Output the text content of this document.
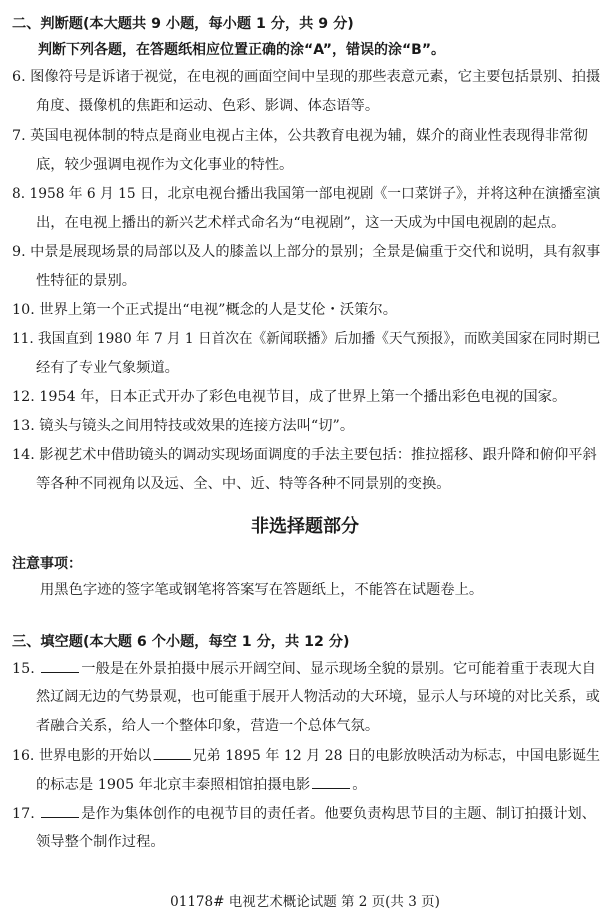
二、判断题(本大题共 9 小题，每小题 1 分，共 9 分)
判断下列各题，在答题纸相应位置正确的涂“A”，错误的涂“B”。
6. 图像符号是诉诸于视觉，在电视的画面空间中呈现的那些表意元素，它主要包括景别、拍摄
角度、摄像机的焦距和运动、色彩、影调、体态语等。
7. 英国电视体制的特点是商业电视占主体，公共教育电视为辅，媒介的商业性表现得非常彻
底，较少强调电视作为文化事业的特性。
8. 1958 年 6 月 15 日，北京电视台播出我国第一部电视剧《一口菜饼子》，并将这种在演播室演
出，在电视上播出的新兴艺术样式命名为“电视剧”，这一天成为中国电视剧的起点。
9. 中景是展现场景的局部以及人的膝盖以上部分的景别；全景是偏重于交代和说明，具有叙事
性特征的景别。
10. 世界上第一个正式提出“电视”概念的人是艾伦・沃策尔。
11. 我国直到 1980 年 7 月 1 日首次在《新闻联播》后加播《天气预报》，而欧美国家在同时期已
经有了专业气象频道。
12. 1954 年，日本正式开办了彩色电视节目，成了世界上第一个播出彩色电视的国家。
13. 镜头与镜头之间用特技或效果的连接方法叫“切”。
14. 影视艺术中借助镜头的调动实现场面调度的手法主要包括：推拉摇移、跟升降和俯仰平斜
等各种不同视角以及远、全、中、近、特等各种不同景别的变换。
非选择题部分
注意事项：
用黑色字迹的签字笔或钢笔将答案写在答题纸上，不能答在试题卷上。
三、填空题(本大题 6 个小题，每空 1 分，共 12 分)
15.	一般是在外景拍摄中展示开阔空间、显示现场全貌的景别。它可能着重于表现大自
然辽阔无边的气势景观，也可能重于展开人物活动的大环境，显示人与环境的对比关系，或
者融合关系，给人一个整体印象，营造一个总体气氛。
16. 世界电影的开始以	兄弟 1895 年 12 月 28 日的电影放映活动为标志，中国电影诞生
的标志是 1905 年北京丰泰照相馆拍摄电影	。
17.	是作为集体创作的电视节目的责任者。他要负责构思节目的主题、制订拍摄计划、
领导整个制作过程。
01178# 电视艺术概论试题 第 2 页(共 3 页)
